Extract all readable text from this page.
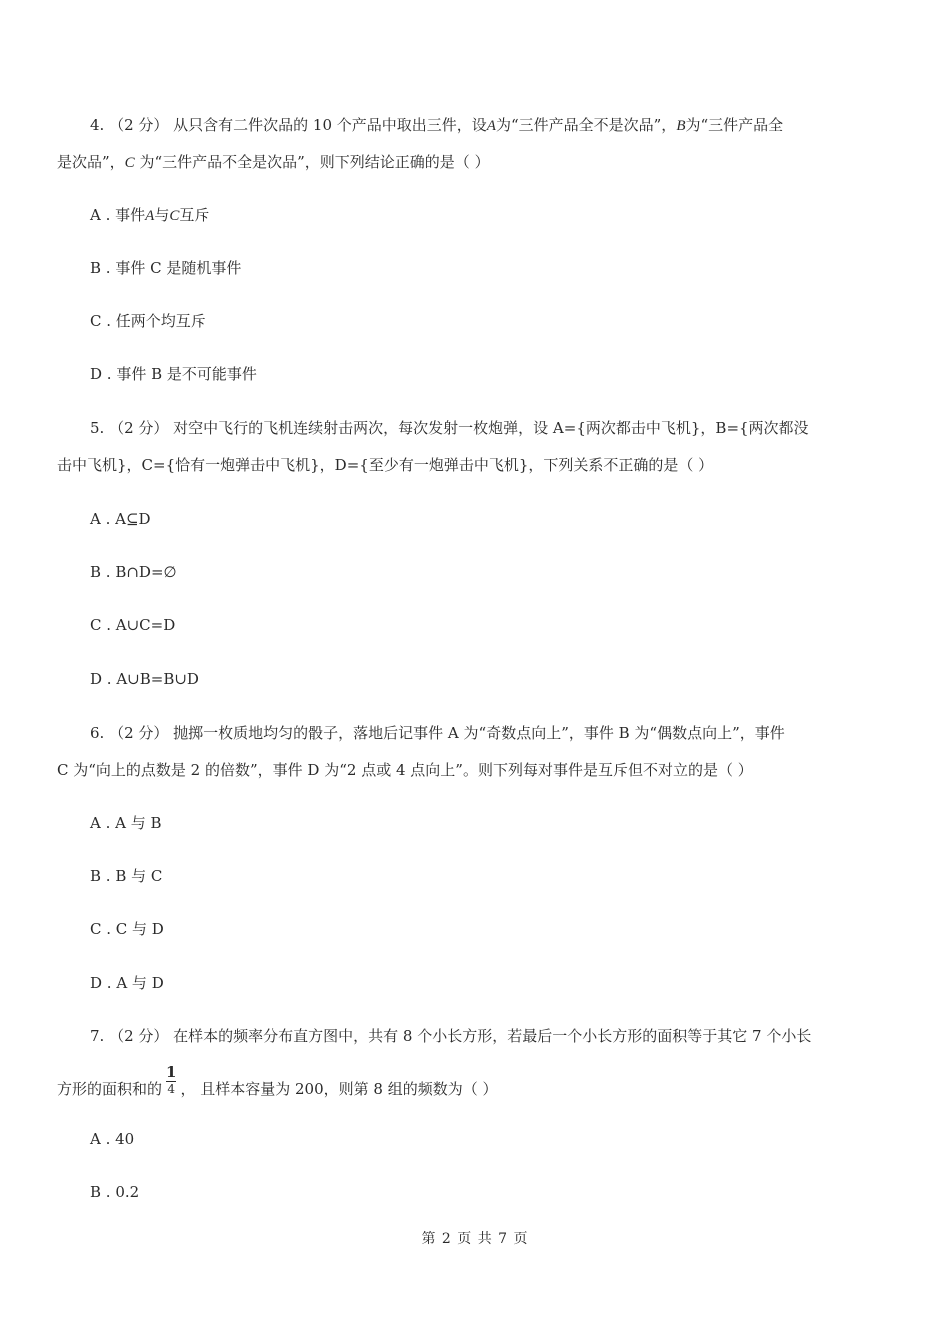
4. （2 分） 从只含有二件次品的 10 个产品中取出三件，设A为“三件产品全不是次品”，B为“三件产品全
是次品”，C 为“三件产品不全是次品”，则下列结论正确的是（ ）
A . 事件A与C互斥
B . 事件 C 是随机事件
C . 任两个均互斥
D . 事件 B 是不可能事件
5. （2 分） 对空中飞行的飞机连续射击两次，每次发射一枚炮弹，设 A={两次都击中飞机}，B={两次都没
击中飞机}，C={恰有一炮弹击中飞机}，D={至少有一炮弹击中飞机}，下列关系不正确的是（ ）
A . A⊆D
B . B∩D=∅
C . A∪C=D
D . A∪B=B∪D
6. （2 分） 抛掷一枚质地均匀的骰子，落地后记事件 A 为“奇数点向上”，事件 B 为“偶数点向上”，事件
C 为“向上的点数是 2 的倍数”，事件 D 为“2 点或 4 点向上”。则下列每对事件是互斥但不对立的是（ ）
A . A 与 B
B . B 与 C
C . C 与 D
D . A 与 D
7. （2 分） 在样本的频率分布直方图中，共有 8 个小长方形，若最后一个小长方形的面积等于其它 7 个小长
方形的面积和的 $\frac{1}{4}$ ， 且样本容量为 200，则第 8 组的频数为（ ）
A . 40
B . 0.2
第 2 页 共 7 页
